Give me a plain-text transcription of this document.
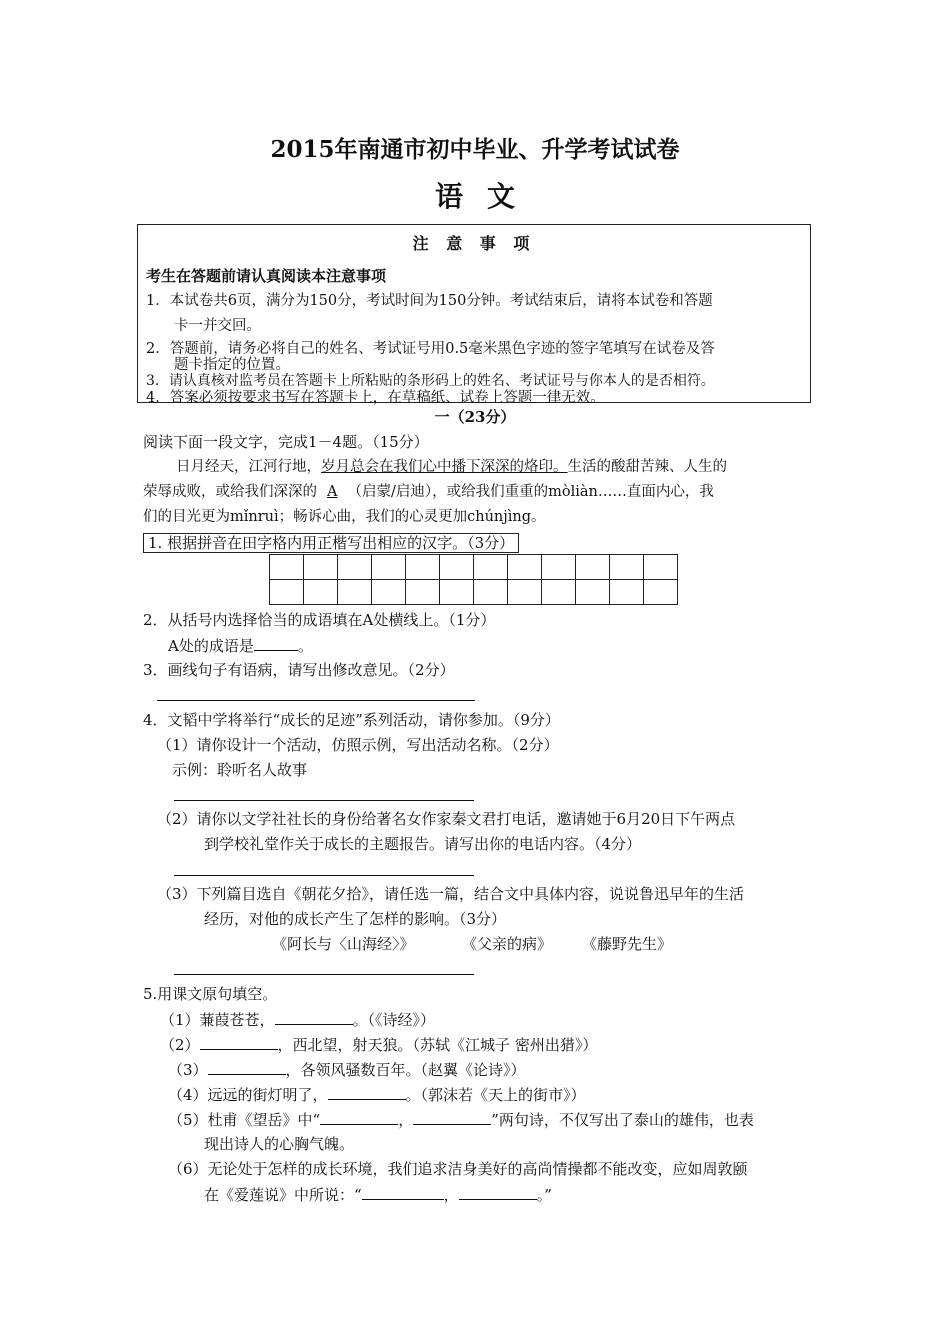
2015年南通市初中毕业、升学考试试卷
语文
注 意 事 项
考生在答题前请认真阅读本注意事项
1．本试卷共6页，满分为150分，考试时间为150分钟。考试结束后，请将本试卷和答题
卡一并交回。
2．答题前，请务必将自己的姓名、考试证号用0.5毫米黑色字迹的签字笔填写在试卷及答
题卡指定的位置。
3．请认真核对监考员在答题卡上所粘贴的条形码上的姓名、考试证号与你本人的是否相符。
4．答案必须按要求书写在答题卡上，在草稿纸、试卷上答题一律无效。
一（23分）
阅读下面一段文字，完成1－4题。（15分）
日月经天，江河行地，岁月总会在我们心中播下深深的烙印。生活的酸甜苦辣、人生的
荣辱成败，或给我们深深的 A （启蒙/启迪），或给我们重重的mòliàn……直面内心，我
们的目光更为mǐnruì；畅诉心曲，我们的心灵更加chúnjìng。
1. 根据拼音在田字格内用正楷写出相应的汉字。（3分）

2．从括号内选择恰当的成语填在A处横线上。（1分）
A处的成语是	。
3．画线句子有语病，请写出修改意见。（2分）
4．文韬中学将举行“成长的足迹”系列活动，请你参加。（9分）
（1）请你设计一个活动，仿照示例，写出活动名称。（2分）
示例：聆听名人故事
（2）请你以文学社社长的身份给著名女作家秦文君打电话，邀请她于6月20日下午两点
到学校礼堂作关于成长的主题报告。请写出你的电话内容。（4分）
（3）下列篇目选自《朝花夕拾》，请任选一篇，结合文中具体内容，说说鲁迅早年的生活
经历，对他的成长产生了怎样的影响。（3分）
《阿长与〈山海经〉》	《父亲的病》 《藤野先生》
5.用课文原句填空。
（1）蒹葭苍苍，	。（《诗经》）
（2）	，西北望，射天狼。（苏轼《江城子 密州出猎》）
（3）	，各领风骚数百年。（赵翼《论诗》）
（4）远远的街灯明了，	。（郭沫若《天上的街市》）
（5）杜甫《望岳》中“	，	”两句诗，不仅写出了泰山的雄伟，也表
现出诗人的心胸气魄。
（6）无论处于怎样的成长环境，我们追求洁身美好的高尚情操都不能改变，应如周敦颐
在《爱莲说》中所说：“	，	。”
